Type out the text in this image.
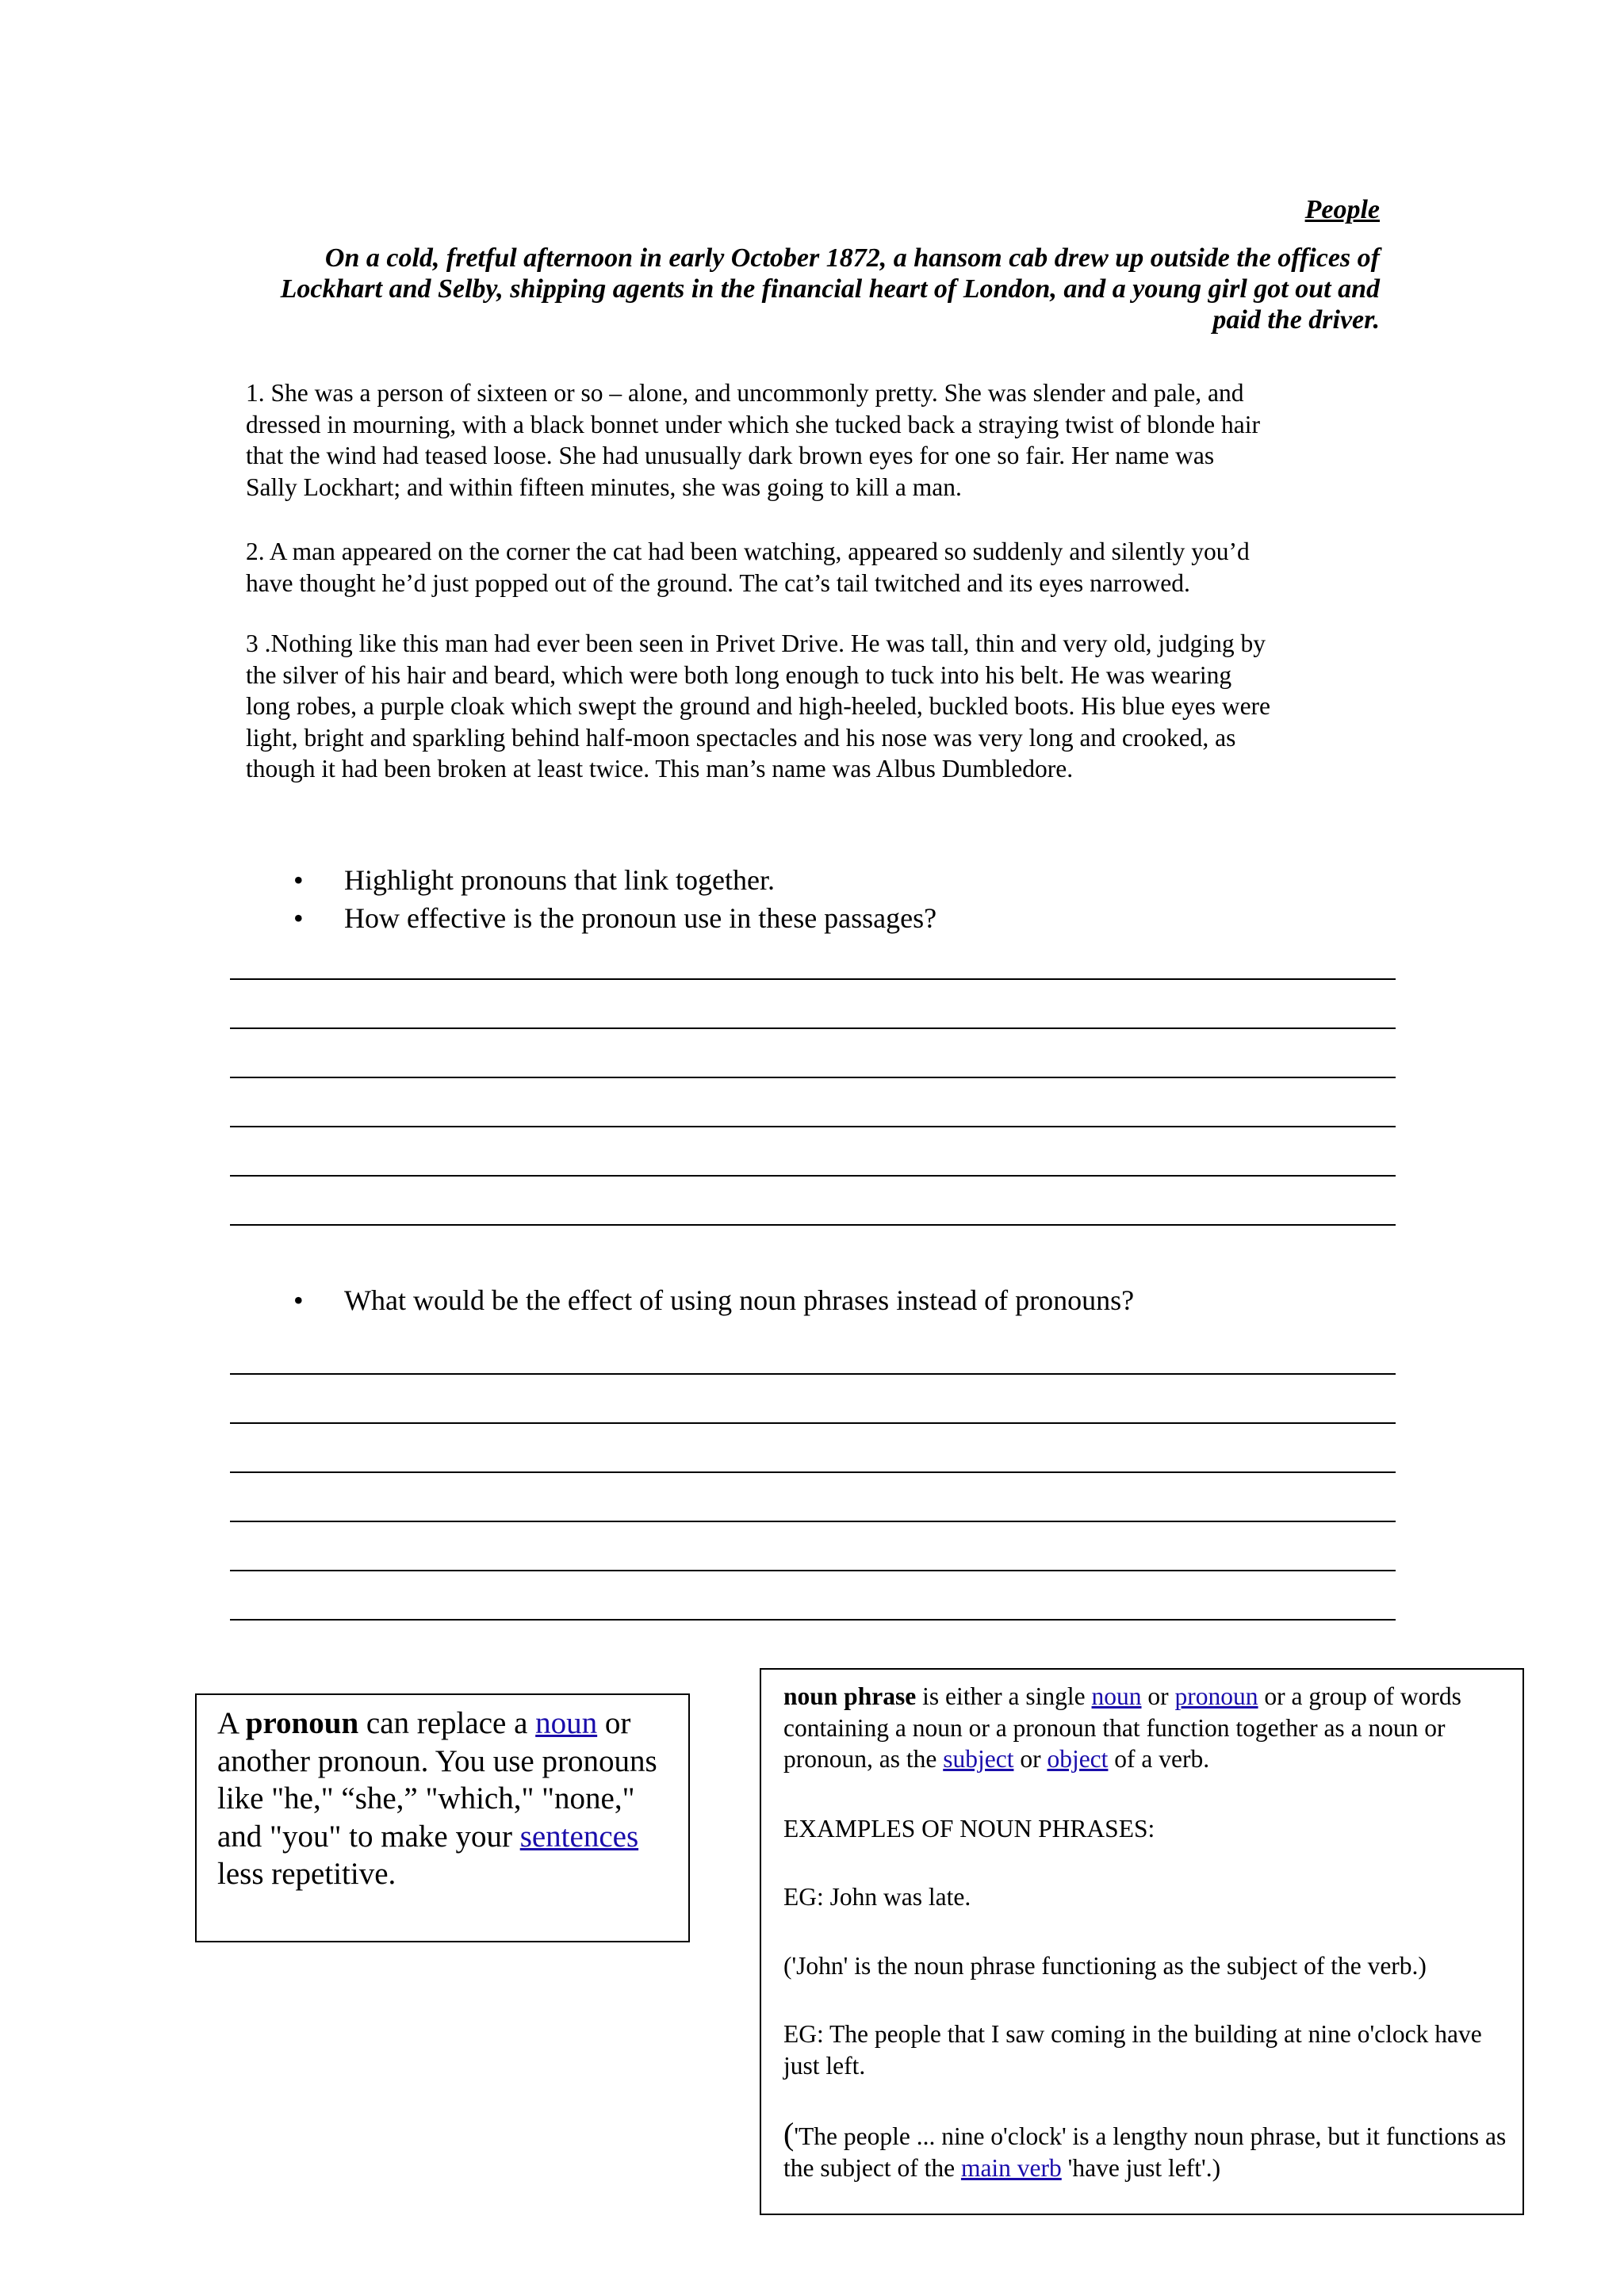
People
On a cold, fretful afternoon in early October 1872, a hansom cab drew up outside the offices of Lockhart and Selby, shipping agents in the financial heart of London, and a young girl got out and paid the driver.
1. She was a person of sixteen or so – alone, and uncommonly pretty. She was slender and pale, and
dressed in mourning, with a black bonnet under which she tucked back a straying twist of blonde hair
that the wind had teased loose. She had unusually dark brown eyes for one so fair. Her name was
Sally Lockhart; and within fifteen minutes, she was going to kill a man.
2. A man appeared on the corner the cat had been watching, appeared so suddenly and silently you’d
have thought he’d just popped out of the ground. The cat’s tail twitched and its eyes narrowed.
3 .Nothing like this man had ever been seen in Privet Drive. He was tall, thin and very old, judging by
the silver of his hair and beard, which were both long enough to tuck into his belt. He was wearing
long robes, a purple cloak which swept the ground and high-heeled, buckled boots. His blue eyes were
light, bright and sparkling behind half-moon spectacles and his nose was very long and crooked, as
though it had been broken at least twice. This man’s name was Albus Dumbledore.
• Highlight pronouns that link together.
• How effective is the pronoun use in these passages?
• What would be the effect of using noun phrases instead of pronouns?
A pronoun can replace a noun or another pronoun. You use pronouns like "he," “she,” "which," "none," and "you" to make your sentences less repetitive.

noun phrase is either a single noun or pronoun or a group of words containing a noun or a pronoun that function together as a noun or pronoun, as the subject or object of a verb.

EXAMPLES OF NOUN PHRASES:

EG: John was late.

('John' is the noun phrase functioning as the subject of the verb.)

EG: The people that I saw coming in the building at nine o'clock have just left.

('The people ... nine o'clock' is a lengthy noun phrase, but it functions as the subject of the main verb 'have just left'.)
